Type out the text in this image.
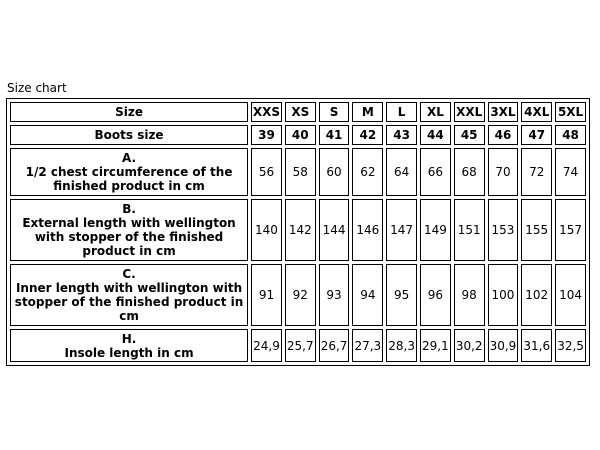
Size chart
Size	XXS	XS	S	M	L	XL	XXL	3XL	4XL	5XL
Boots size	39	40	41	42	43	44	45	46	47	48

A.
1/2 chest circumference of the finished product in cm	56	58	60	62	64	66	68	70	72	74

B.
External length with wellington with stopper of the finished product in cm	140	142	144	146	147	149	151	153	155	157

C.
Inner length with wellington with stopper of the finished product in cm	91	92	93	94	95	96	98	100	102	104

H.
Insole length in cm	24,9	25,7	26,7	27,3	28,3	29,1	30,2	30,9	31,6	32,5
